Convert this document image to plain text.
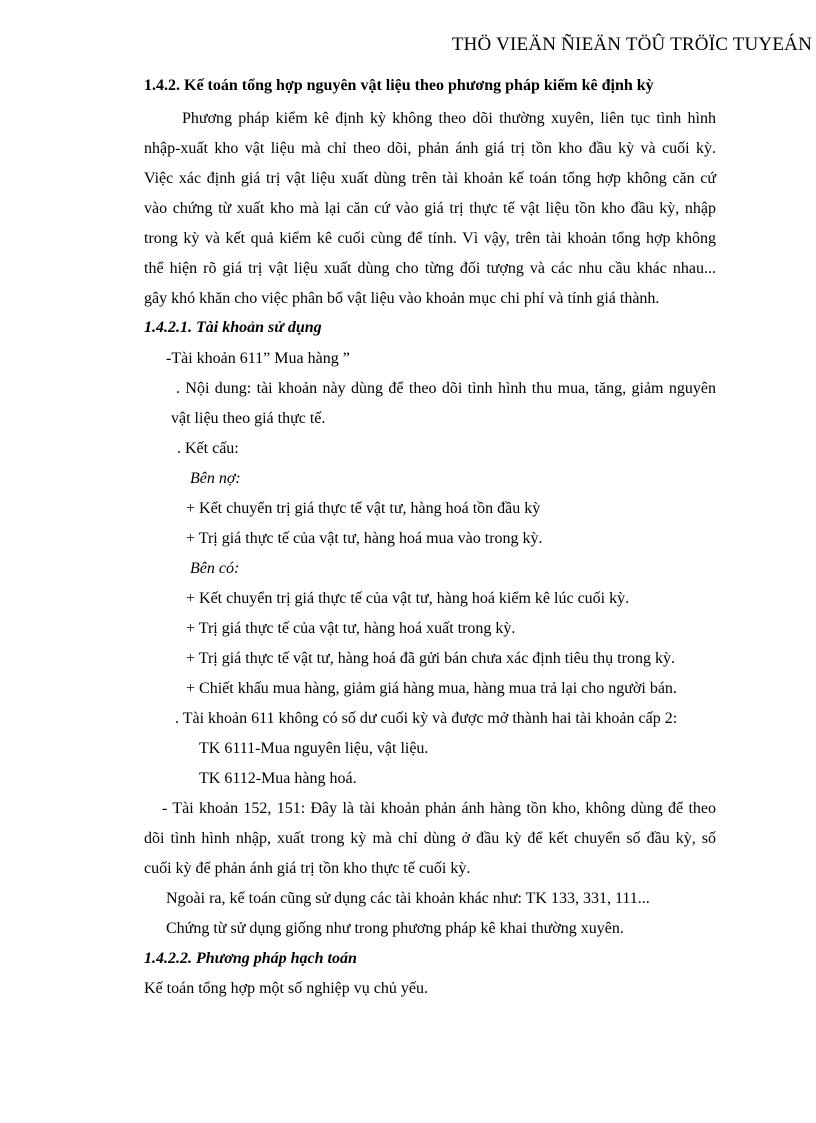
THÖ VIEÄN ÑIEÄN TÖÛ TRÖÏC TUYEÁN
1.4.2. Kế toán tổng hợp nguyên vật liệu theo phương pháp kiểm kê định kỳ
Phương pháp kiểm kê định kỳ không theo dõi thường xuyên, liên tục tình hình
nhập-xuất kho vật liệu mà chỉ theo dõi, phản ánh giá trị tồn kho đầu kỳ và cuối kỳ.
Việc xác định giá trị vật liệu xuất dùng trên tài khoản kế toán tổng hợp không căn cứ
vào chứng từ xuất kho mà lại căn cứ vào giá trị thực tế vật liệu tồn kho đầu kỳ, nhập
trong kỳ và kết quả kiểm kê cuối cùng để tính. Vì vậy, trên tài khoản tổng hợp không
thể hiện rõ giá trị vật liệu xuất dùng cho từng đối tượng và các nhu cầu khác nhau...
gây khó khăn cho việc phân bổ vật liệu vào khoản mục chi phí và tính giá thành.
1.4.2.1. Tài khoản sử dụng
-Tài khoản 611” Mua hàng ”
. Nội dung: tài khoản này dùng để theo dõi tình hình thu mua, tăng, giảm nguyên
vật liệu theo giá thực tế.
. Kết cấu:
Bên nợ:
+ Kết chuyển trị giá thực tế vật tư, hàng hoá tồn đầu kỳ
+ Trị giá thực tế của vật tư, hàng hoá mua vào trong kỳ.
Bên có:
+ Kết chuyển trị giá thực tế của vật tư, hàng hoá kiểm kê lúc cuối kỳ.
+ Trị giá thực tế của vật tư, hàng hoá xuất trong kỳ.
+ Trị giá thực tế vật tư, hàng hoá đã gửi bán chưa xác định tiêu thụ trong kỳ.
+ Chiết khấu mua hàng, giảm giá hàng mua, hàng mua trả lại cho người bán.
. Tài khoản 611 không có số dư cuối kỳ và được mở thành hai tài khoản cấp 2:
TK 6111-Mua nguyên liệu, vật liệu.
TK 6112-Mua hàng hoá.
- Tài khoản 152, 151: Đây là tài khoản phản ánh hàng tồn kho, không dùng để theo
dõi tình hình nhập, xuất trong kỳ mà chỉ dùng ở đầu kỳ để kết chuyển số đầu kỳ, số
cuối kỳ để phản ánh giá trị tồn kho thực tế cuối kỳ.
Ngoài ra, kế toán cũng sử dụng các tài khoản khác như: TK 133, 331, 111...
Chứng từ sử dụng giống như trong phương pháp kê khai thường xuyên.
1.4.2.2. Phương pháp hạch toán
Kế toán tổng hợp một số nghiệp vụ chủ yếu.
